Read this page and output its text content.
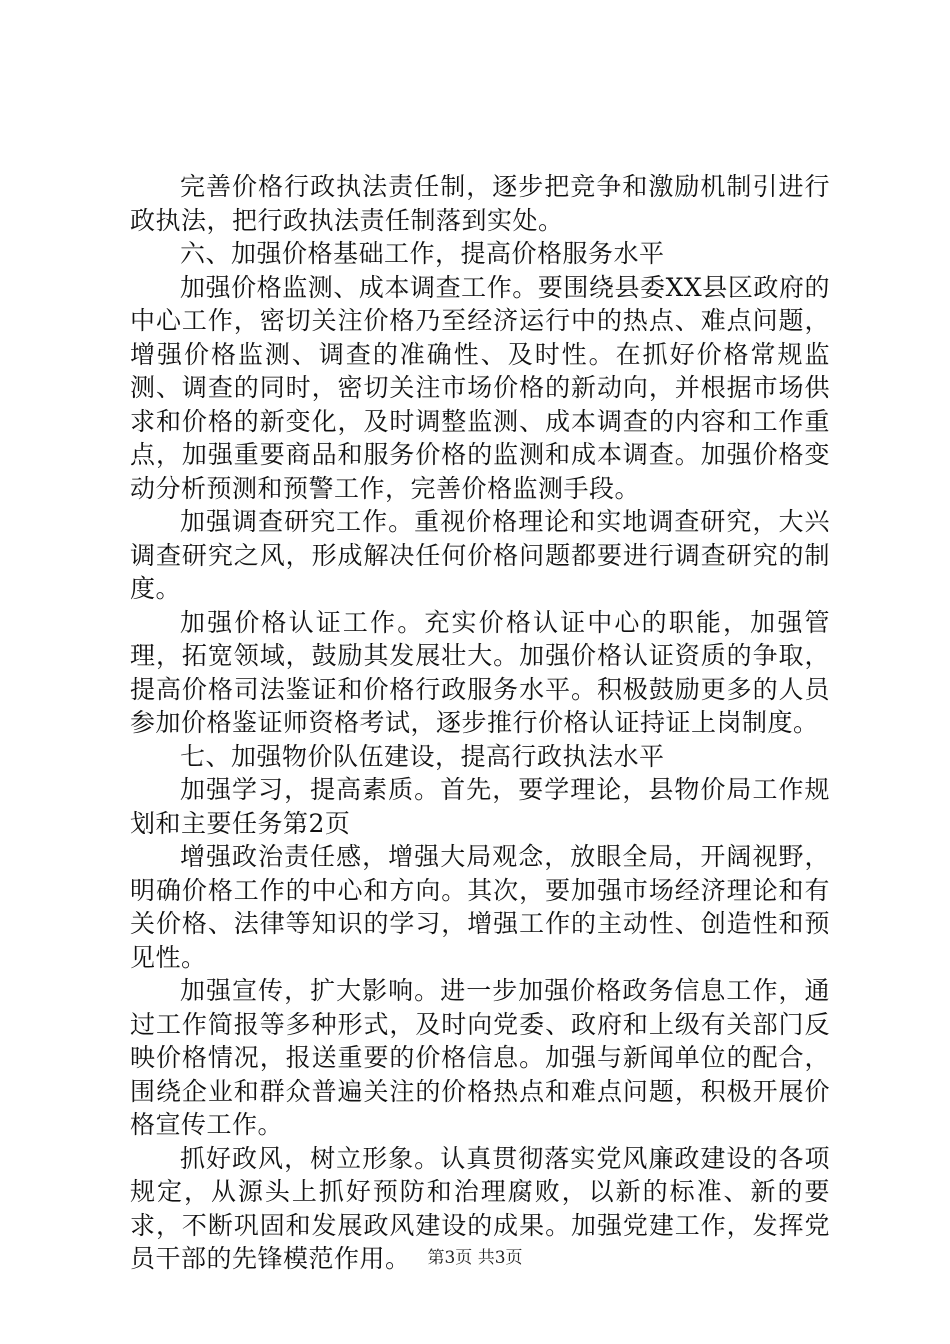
完善价格行政执法责任制，逐步把竞争和激励机制引进行政执法，把行政执法责任制落到实处。

六、加强价格基础工作，提高价格服务水平

加强价格监测、成本调查工作。要围绕县委XX县区政府的中心工作，密切关注价格乃至经济运行中的热点、难点问题，增强价格监测、调查的准确性、及时性。在抓好价格常规监测、调查的同时，密切关注市场价格的新动向，并根据市场供求和价格的新变化，及时调整监测、成本调查的内容和工作重点，加强重要商品和服务价格的监测和成本调查。加强价格变动分析预测和预警工作，完善价格监测手段。

加强调查研究工作。重视价格理论和实地调查研究，大兴调查研究之风，形成解决任何价格问题都要进行调查研究的制度。

加强价格认证工作。充实价格认证中心的职能，加强管理，拓宽领域，鼓励其发展壮大。加强价格认证资质的争取，提高价格司法鉴证和价格行政服务水平。积极鼓励更多的人员参加价格鉴证师资格考试，逐步推行价格认证持证上岗制度。

七、加强物价队伍建设，提高行政执法水平

加强学习，提高素质。首先，要学理论，县物价局工作规划和主要任务第2页

增强政治责任感，增强大局观念，放眼全局，开阔视野，明确价格工作的中心和方向。其次，要加强市场经济理论和有关价格、法律等知识的学习，增强工作的主动性、创造性和预见性。

加强宣传，扩大影响。进一步加强价格政务信息工作，通过工作简报等多种形式，及时向党委、政府和上级有关部门反映价格情况，报送重要的价格信息。加强与新闻单位的配合，围绕企业和群众普遍关注的价格热点和难点问题，积极开展价格宣传工作。

抓好政风，树立形象。认真贯彻落实党风廉政建设的各项规定，从源头上抓好预防和治理腐败，以新的标准、新的要求，不断巩固和发展政风建设的成果。加强党建工作，发挥党员干部的先锋模范作用。 第3页 共3页
